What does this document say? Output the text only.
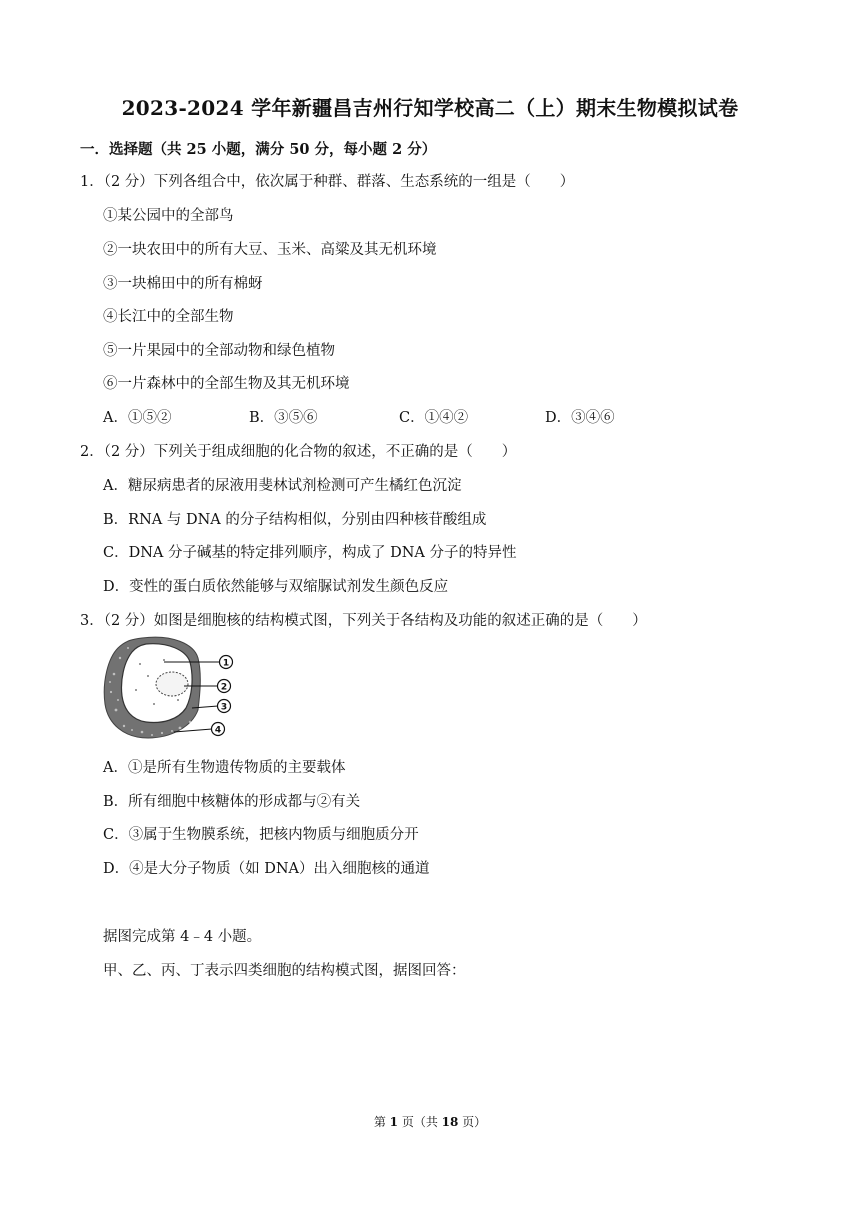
2023-2024 学年新疆昌吉州行知学校高二（上）期末生物模拟试卷
一．选择题（共 25 小题，满分 50 分，每小题 2 分）
1．（2 分）下列各组合中，依次属于种群、群落、生态系统的一组是（　　）
①某公园中的全部鸟
②一块农田中的所有大豆、玉米、高粱及其无机环境
③一块棉田中的所有棉蚜
④长江中的全部生物
⑤一片果园中的全部动物和绿色植物
⑥一片森林中的全部生物及其无机环境
A．①⑤②	B．③⑤⑥	C．①④②	D．③④⑥
2．（2 分）下列关于组成细胞的化合物的叙述，不正确的是（　　）
A．糖尿病患者的尿液用斐林试剂检测可产生橘红色沉淀
B．RNA 与 DNA 的分子结构相似，分别由四种核苷酸组成
C．DNA 分子碱基的特定排列顺序，构成了 DNA 分子的特异性
D．变性的蛋白质依然能够与双缩脲试剂发生颜色反应
3．（2 分）如图是细胞核的结构模式图，下列关于各结构及功能的叙述正确的是（　　）
1
2
3
4
A．①是所有生物遗传物质的主要载体
B．所有细胞中核糖体的形成都与②有关
C．③属于生物膜系统，把核内物质与细胞质分开
D．④是大分子物质（如 DNA）出入细胞核的通道
据图完成第 4﹣4 小题。
甲、乙、丙、丁表示四类细胞的结构模式图，据图回答：
第 1 页（共 18 页）
